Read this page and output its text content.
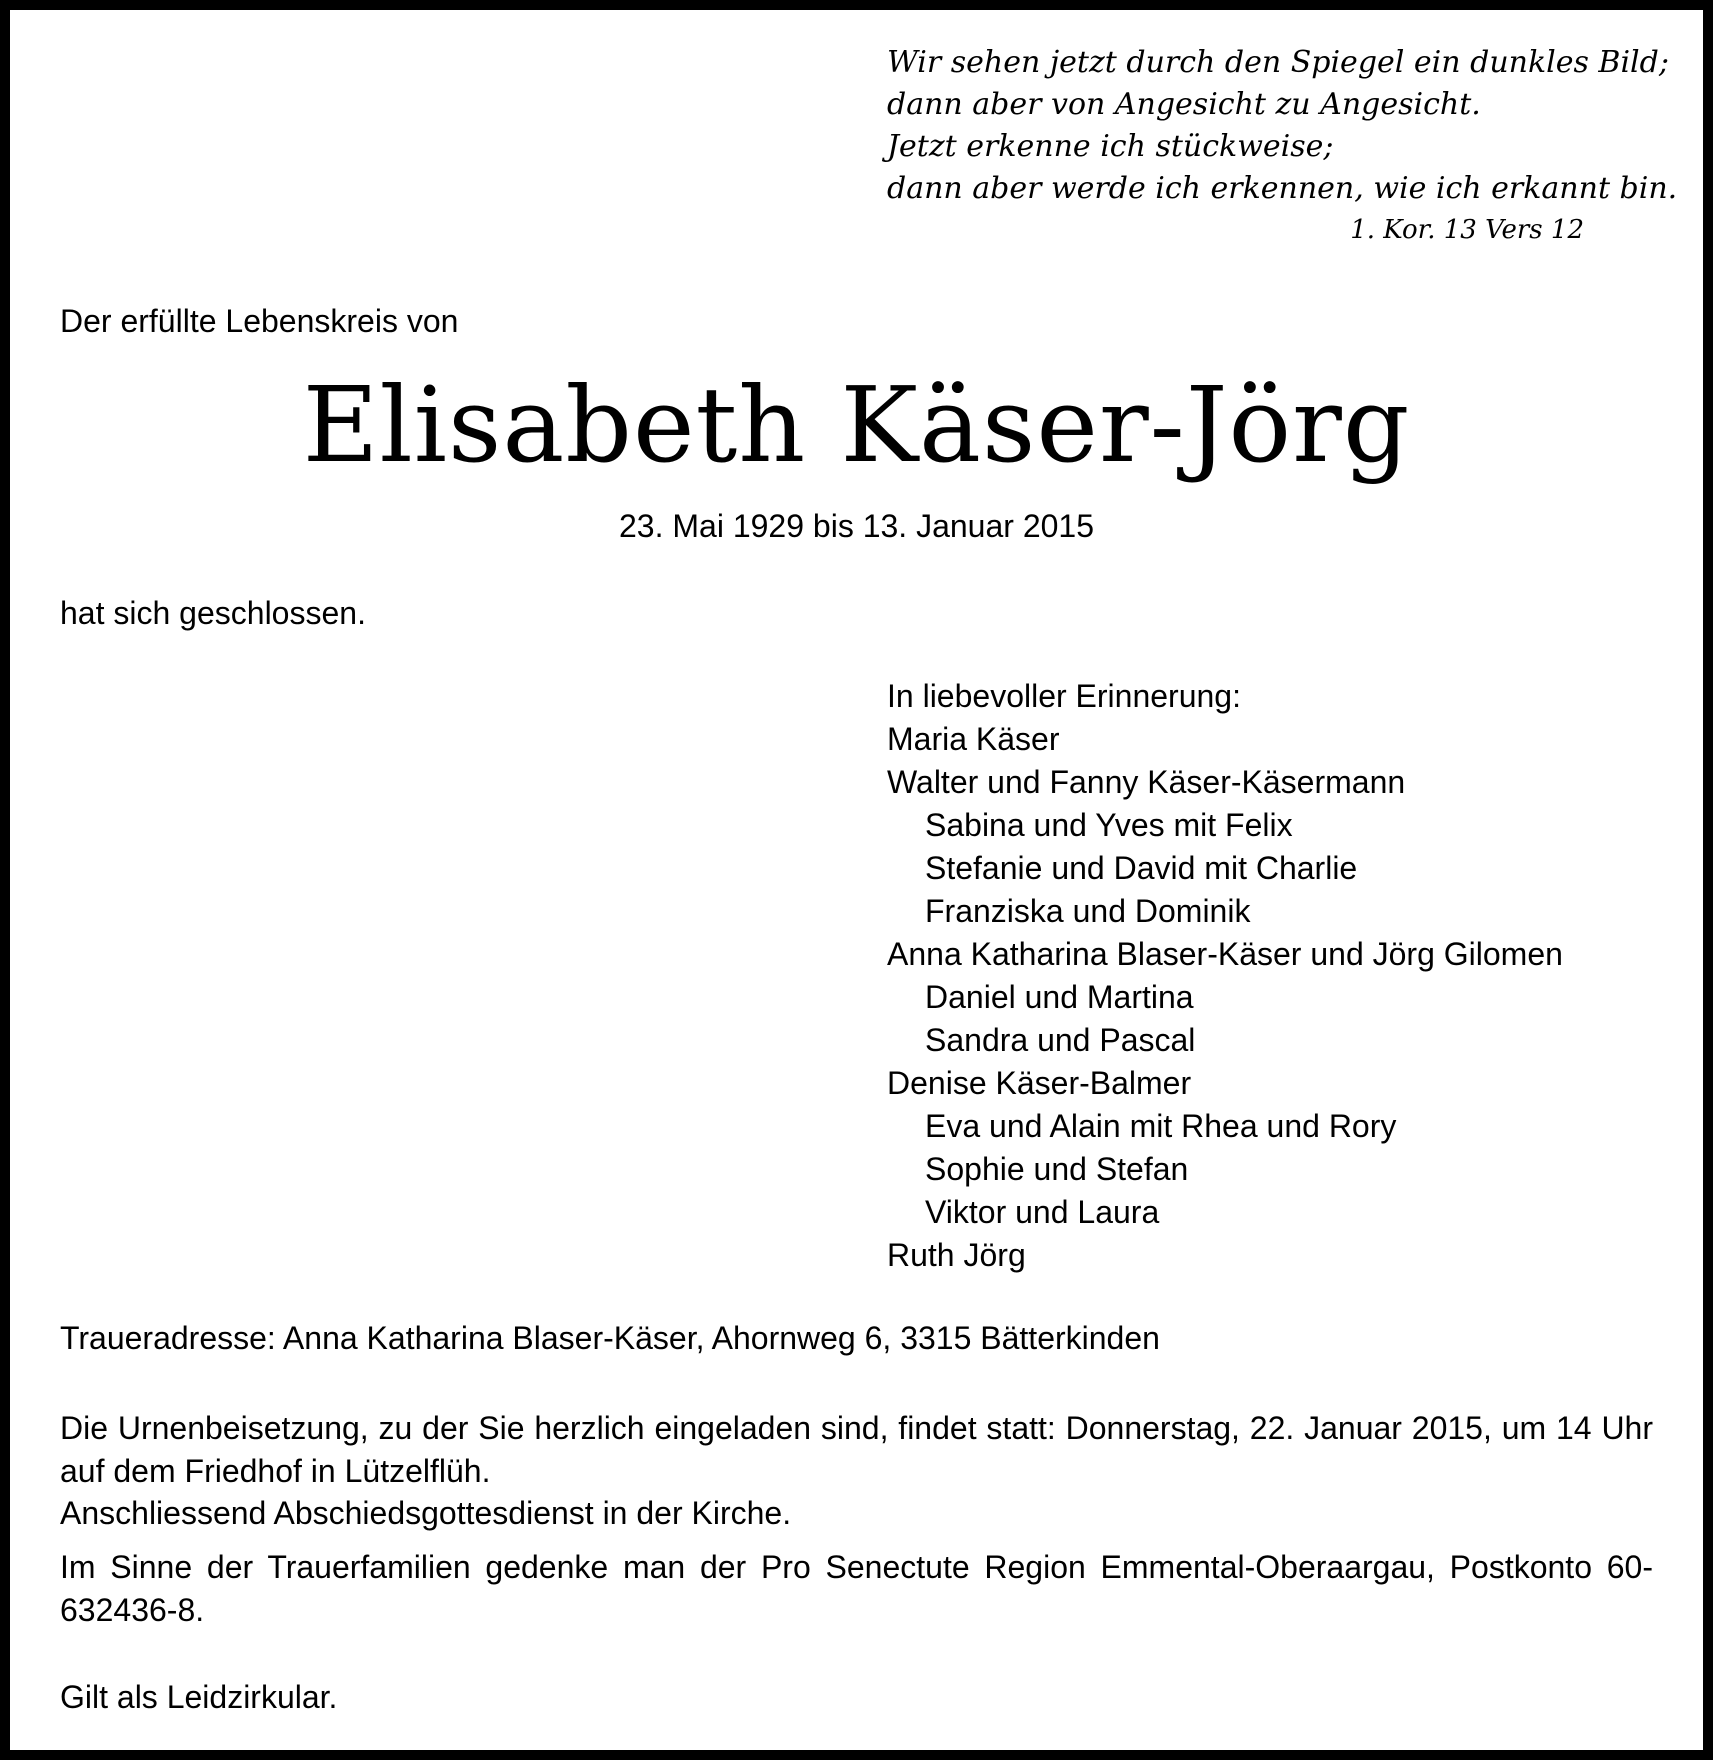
Wir sehen jetzt durch den Spiegel ein dunkles Bild;
dann aber von Angesicht zu Angesicht.
Jetzt erkenne ich stückweise;
dann aber werde ich erkennen, wie ich erkannt bin.
1. Kor. 13 Vers 12
Der erfüllte Lebenskreis von
Elisabeth Käser-Jörg
23. Mai 1929 bis 13. Januar 2015
hat sich geschlossen.
In liebevoller Erinnerung:
Maria Käser
Walter und Fanny Käser-Käsermann
Sabina und Yves mit Felix
Stefanie und David mit Charlie
Franziska und Dominik
Anna Katharina Blaser-Käser und Jörg Gilomen
Daniel und Martina
Sandra und Pascal
Denise Käser-Balmer
Eva und Alain mit Rhea und Rory
Sophie und Stefan
Viktor und Laura
Ruth Jörg
Traueradresse: Anna Katharina Blaser-Käser, Ahornweg 6, 3315 Bätterkinden
Die Urnenbeisetzung, zu der Sie herzlich eingeladen sind, findet statt: Donnerstag, 22. Januar 2015, um 14 Uhr auf dem Friedhof in Lützelflüh.
Anschliessend Abschiedsgottesdienst in der Kirche.
Im Sinne der Trauerfamilien gedenke man der Pro Senectute Region Emmental-Oberaargau, Postkonto 60-632436-8.
Gilt als Leidzirkular.
